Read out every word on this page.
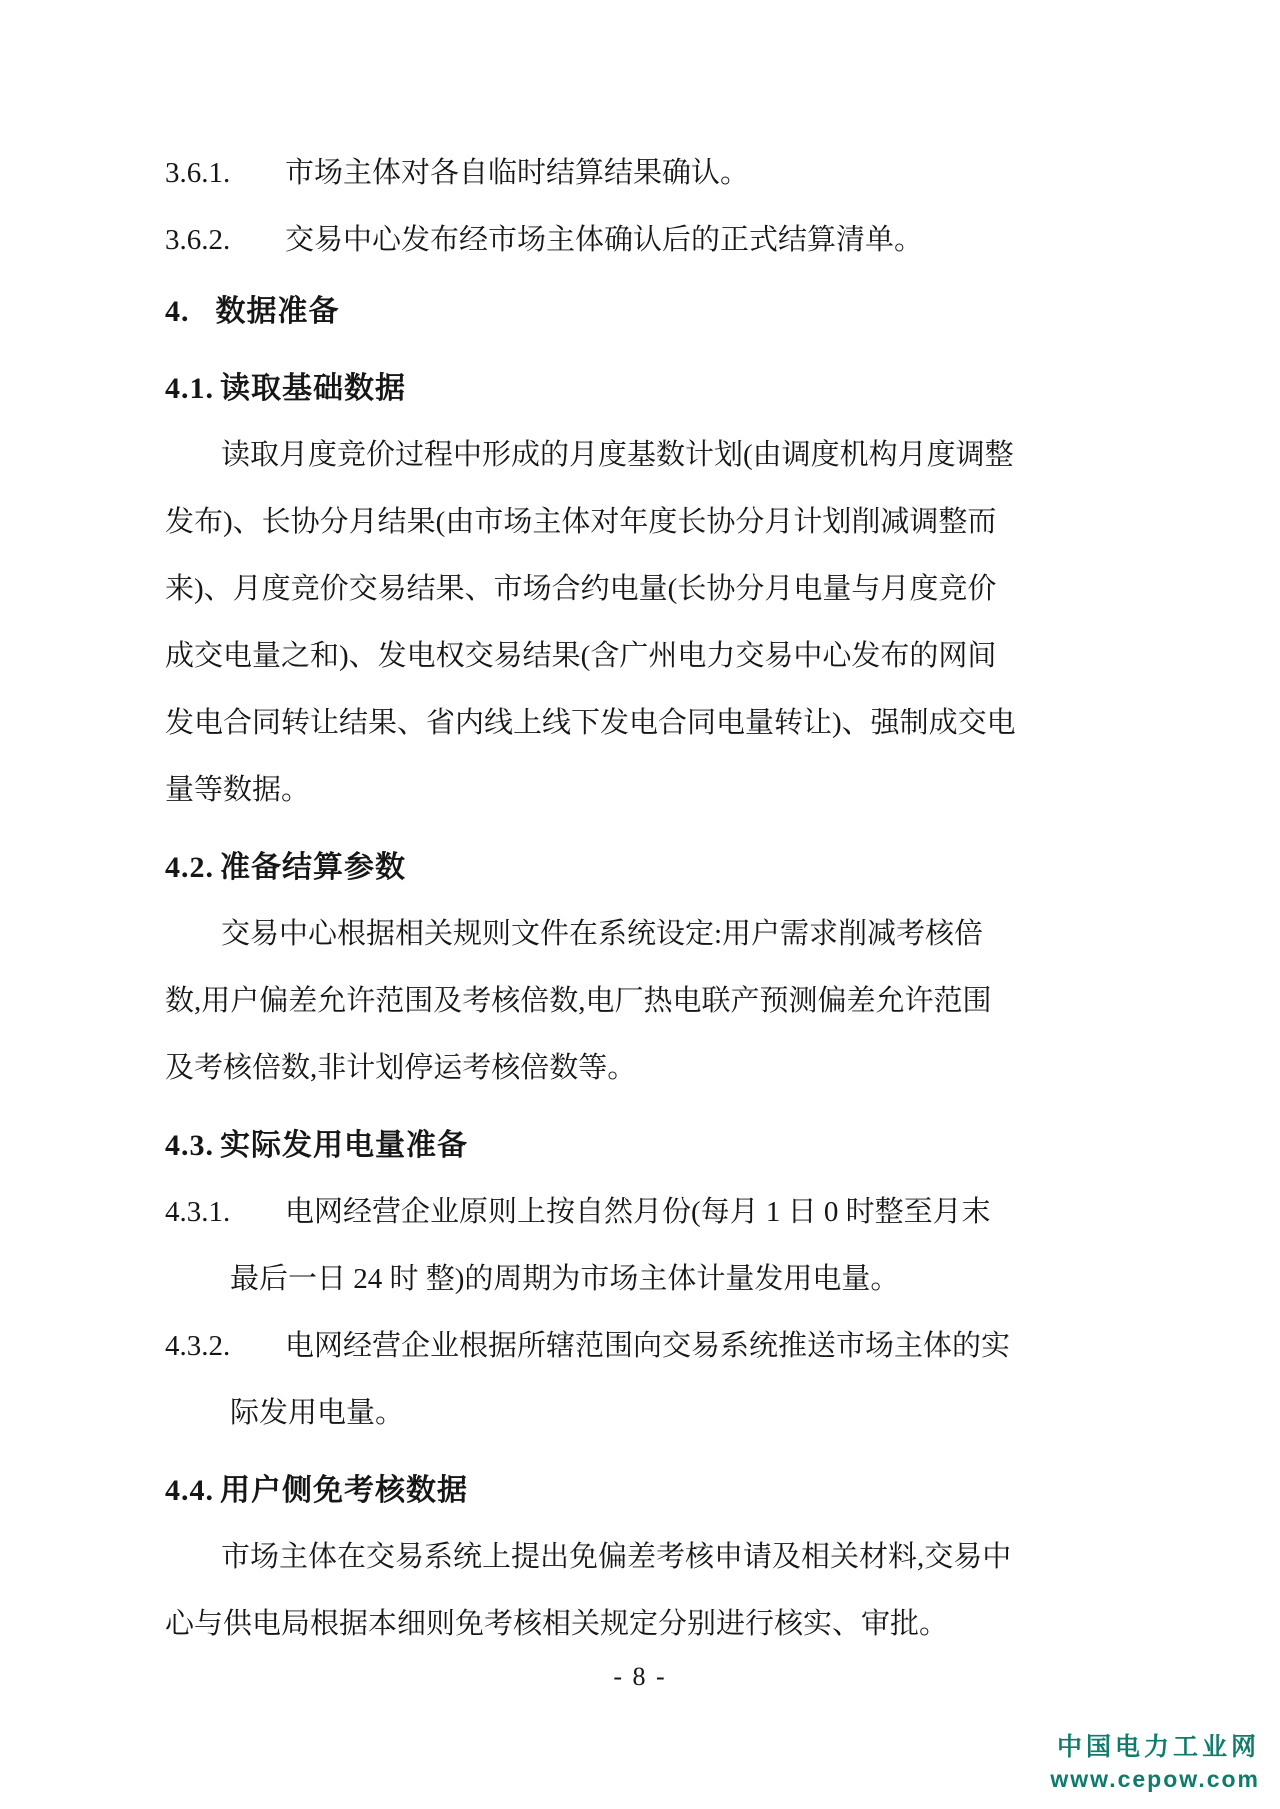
3.6.1. 市场主体对各自临时结算结果确认。
3.6.2. 交易中心发布经市场主体确认后的正式结算清单。
4. 数据准备
4.1. 读取基础数据
读取月度竞价过程中形成的月度基数计划(由调度机构月度调整
发布)、长协分月结果(由市场主体对年度长协分月计划削减调整而
来)、月度竞价交易结果、市场合约电量(长协分月电量与月度竞价
成交电量之和)、发电权交易结果(含广州电力交易中心发布的网间
发电合同转让结果、省内线上线下发电合同电量转让)、强制成交电
量等数据。
4.2. 准备结算参数
交易中心根据相关规则文件在系统设定:用户需求削减考核倍
数,用户偏差允许范围及考核倍数,电厂热电联产预测偏差允许范围
及考核倍数,非计划停运考核倍数等。
4.3. 实际发用电量准备
4.3.1. 电网经营企业原则上按自然月份(每月 1 日 0 时整至月末
最后一日 24 时 整)的周期为市场主体计量发用电量。
4.3.2. 电网经营企业根据所辖范围向交易系统推送市场主体的实
际发用电量。
4.4. 用户侧免考核数据
市场主体在交易系统上提出免偏差考核申请及相关材料,交易中
心与供电局根据本细则免考核相关规定分别进行核实、审批。
- 8 -
中国电力工业网
www.cepow.com
